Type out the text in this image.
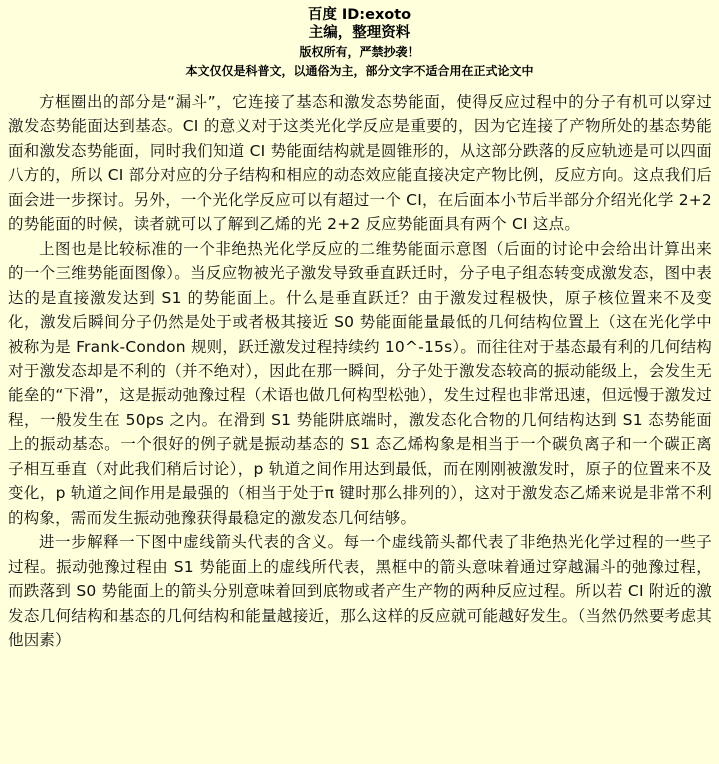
百度 ID:exoto
主编，整理资料
版权所有，严禁抄袭！
本文仅仅是科普文，以通俗为主，部分文字不适合用在正式论文中

方框圈出的部分是“漏斗”，它连接了基态和激发态势能面，使得反应过程中的分子有机可以穿过激发态势能面达到基态。CI 的意义对于这类光化学反应是重要的，因为它连接了产物所处的基态势能面和激发态势能面，同时我们知道 CI 势能面结构就是圆锥形的，从这部分跌落的反应轨迹是可以四面八方的，所以 CI 部分对应的分子结构和相应的动态效应能直接决定产物比例，反应方向。这点我们后面会进一步探讨。另外，一个光化学反应可以有超过一个 CI，在后面本小节后半部分介绍光化学 2+2 的势能面的时候，读者就可以了解到乙烯的光 2+2 反应势能面具有两个 CI 这点。

上图也是比较标准的一个非绝热光化学反应的二维势能面示意图（后面的讨论中会给出计算出来的一个三维势能面图像）。当反应物被光子激发导致垂直跃迁时，分子电子组态转变成激发态，图中表达的是直接激发达到 S1 的势能面上。什么是垂直跃迁？由于激发过程极快，原子核位置来不及变化，激发后瞬间分子仍然是处于或者极其接近 S0 势能面能量最低的几何结构位置上（这在光化学中被称为是 Frank-Condon 规则，跃迁激发过程持续约 10^-15s）。而往往对于基态最有利的几何结构对于激发态却是不利的（并不绝对），因此在那一瞬间，分子处于激发态较高的振动能级上，会发生无能垒的“下滑”，这是振动弛豫过程（术语也做几何构型松弛），发生过程也非常迅速，但远慢于激发过程，一般发生在 50ps 之内。在滑到 S1 势能阱底端时，激发态化合物的几何结构达到 S1 态势能面上的振动基态。一个很好的例子就是振动基态的 S1 态乙烯构象是相当于一个碳负离子和一个碳正离子相互垂直（对此我们稍后讨论），p 轨道之间作用达到最低，而在刚刚被激发时，原子的位置来不及变化，p 轨道之间作用是最强的（相当于处于π 键时那么排列的），这对于激发态乙烯来说是非常不利的构象，需而发生振动弛豫获得最稳定的激发态几何结够。

进一步解释一下图中虚线箭头代表的含义。每一个虚线箭头都代表了非绝热光化学过程的一些子过程。振动弛豫过程由 S1 势能面上的虚线所代表，黑框中的箭头意味着通过穿越漏斗的弛豫过程，而跌落到 S0 势能面上的箭头分别意味着回到底物或者产生产物的两种反应过程。所以若 CI 附近的激发态几何结构和基态的几何结构和能量越接近，那么这样的反应就可能越好发生。（当然仍然要考虑其他因素）
